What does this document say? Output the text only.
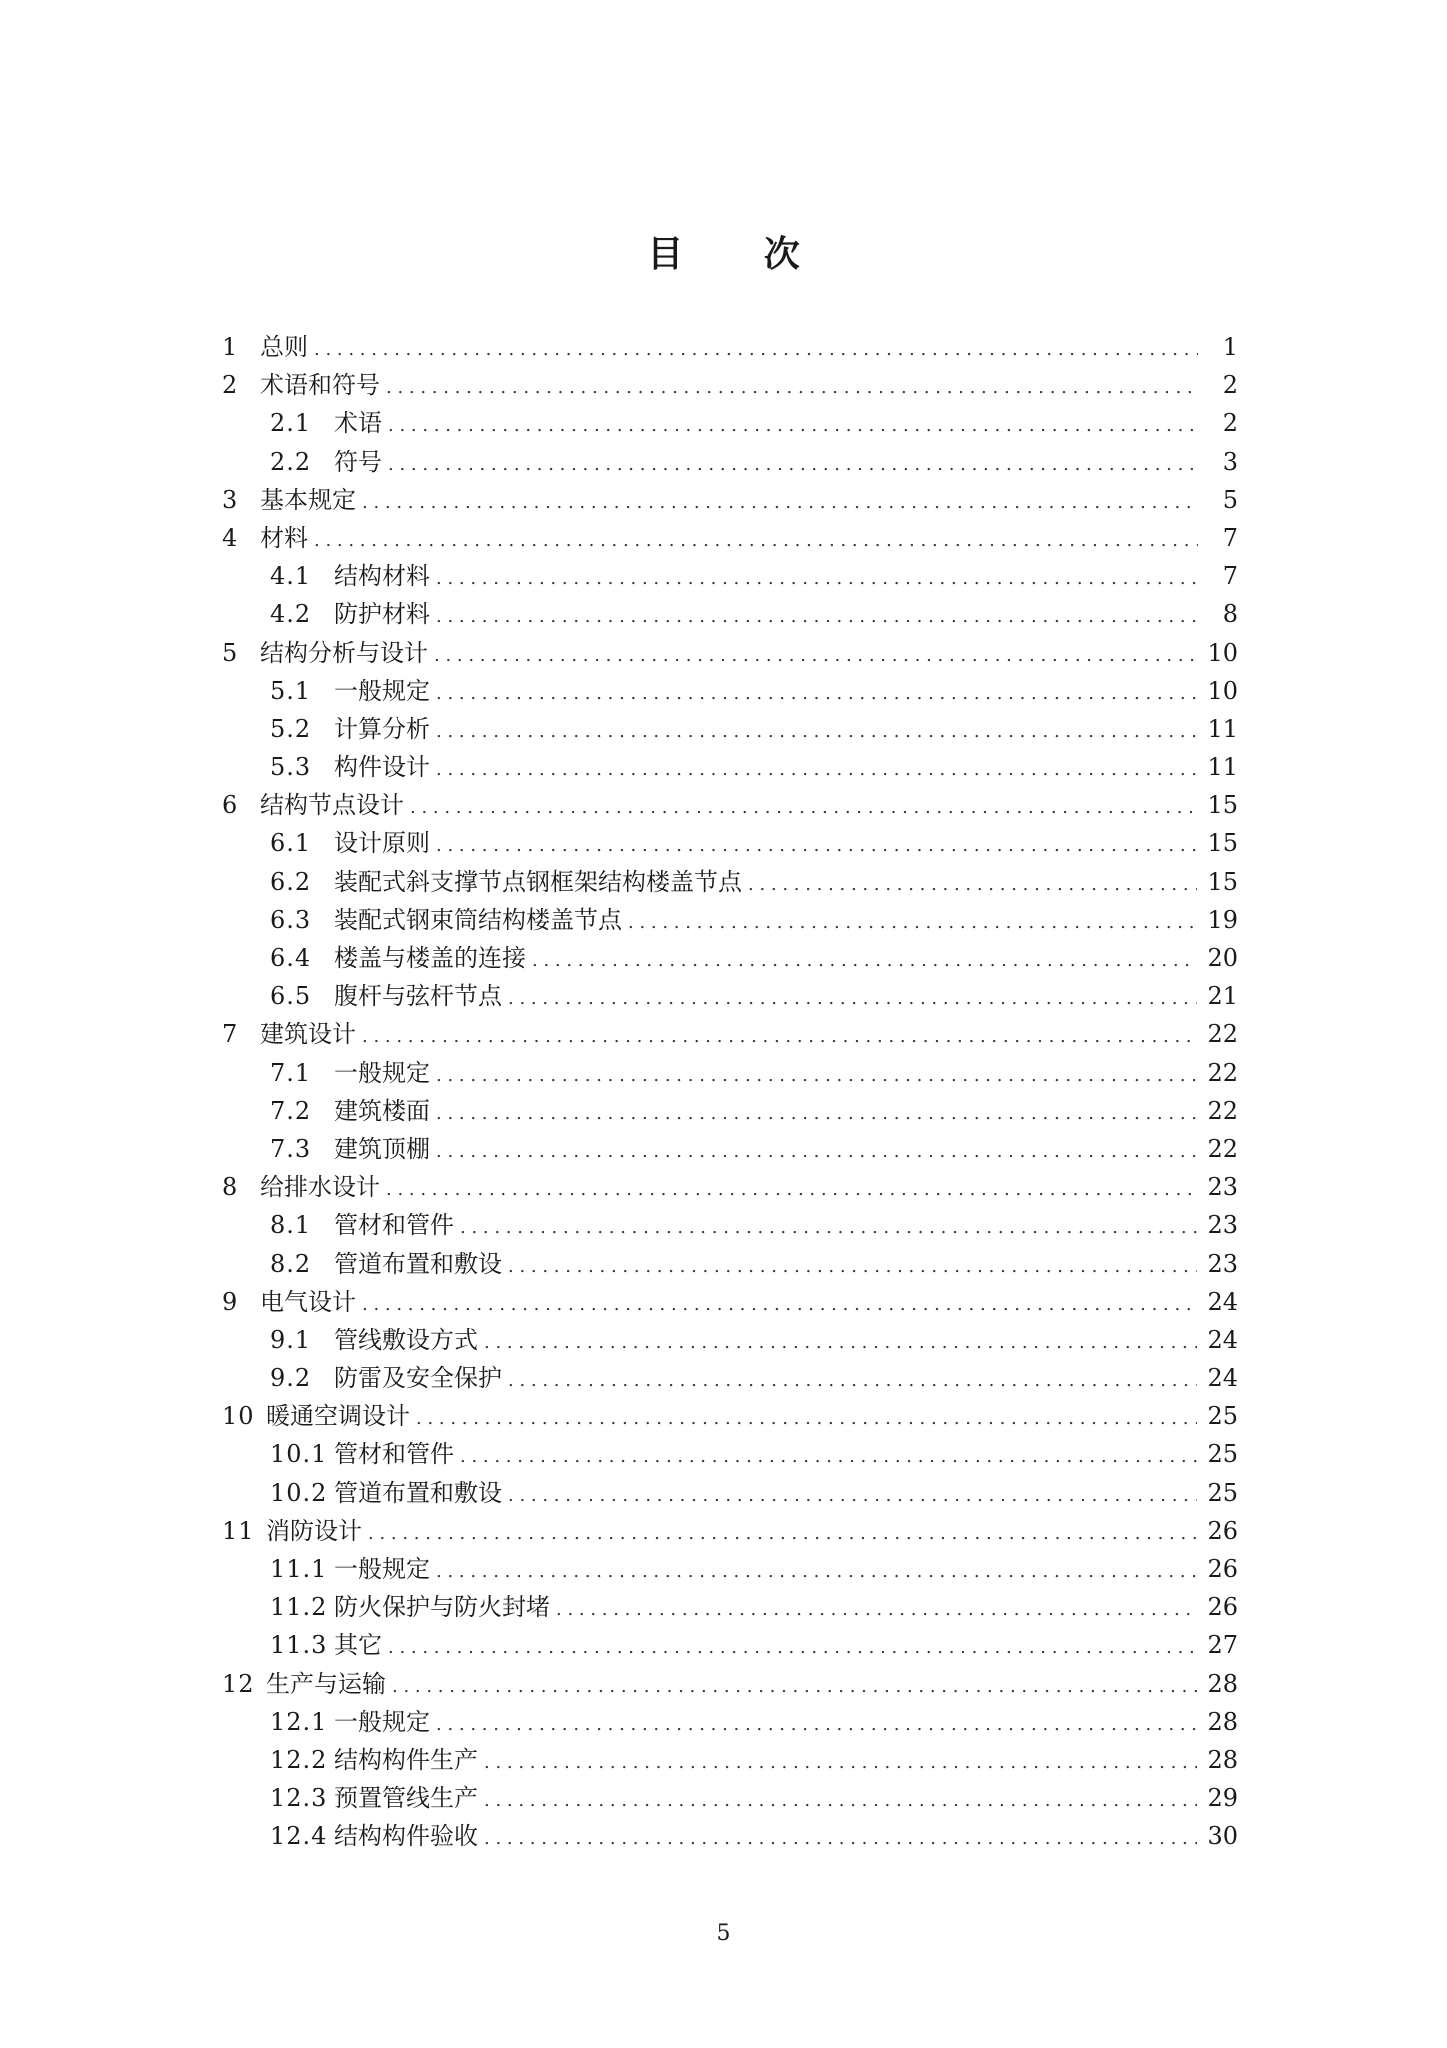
目 次
1 总则 . . .	1
2 术语和符号 . . .	2
2.1 术语 . . .	2
2.2 符号 . . .	3
3 基本规定 . . .	5
4 材料 . . .	7
4.1 结构材料 . . .	7
4.2 防护材料 . . .	8
5 结构分析与设计 . . .	10
5.1 一般规定 . . .	10
5.2 计算分析 . . .	11
5.3 构件设计 . . .	11
6 结构节点设计 . . .	15
6.1 设计原则 . . .	15
6.2 装配式斜支撑节点钢框架结构楼盖节点 . . .	15
6.3 装配式钢束筒结构楼盖节点 . . .	19
6.4 楼盖与楼盖的连接 . . .	20
6.5 腹杆与弦杆节点 . . .	21
7 建筑设计 . . .	22
7.1 一般规定 . . .	22
7.2 建筑楼面 . . .	22
7.3 建筑顶棚 . . .	22
8 给排水设计 . . .	23
8.1 管材和管件 . . .	23
8.2 管道布置和敷设 . . .	23
9 电气设计 . . .	24
9.1 管线敷设方式 . . .	24
9.2 防雷及安全保护 . . .	24
10 暖通空调设计 . . .	25
10.1 管材和管件 . . .	25
10.2 管道布置和敷设 . . .	25
11 消防设计 . . .	26
11.1 一般规定 . . .	26
11.2 防火保护与防火封堵 . . .	26
11.3 其它 . . .	27
12 生产与运输 . . .	28
12.1 一般规定 . . .	28
12.2 结构构件生产 . . .	28
12.3 预置管线生产 . . .	29
12.4 结构构件验收 . . .	30
5
